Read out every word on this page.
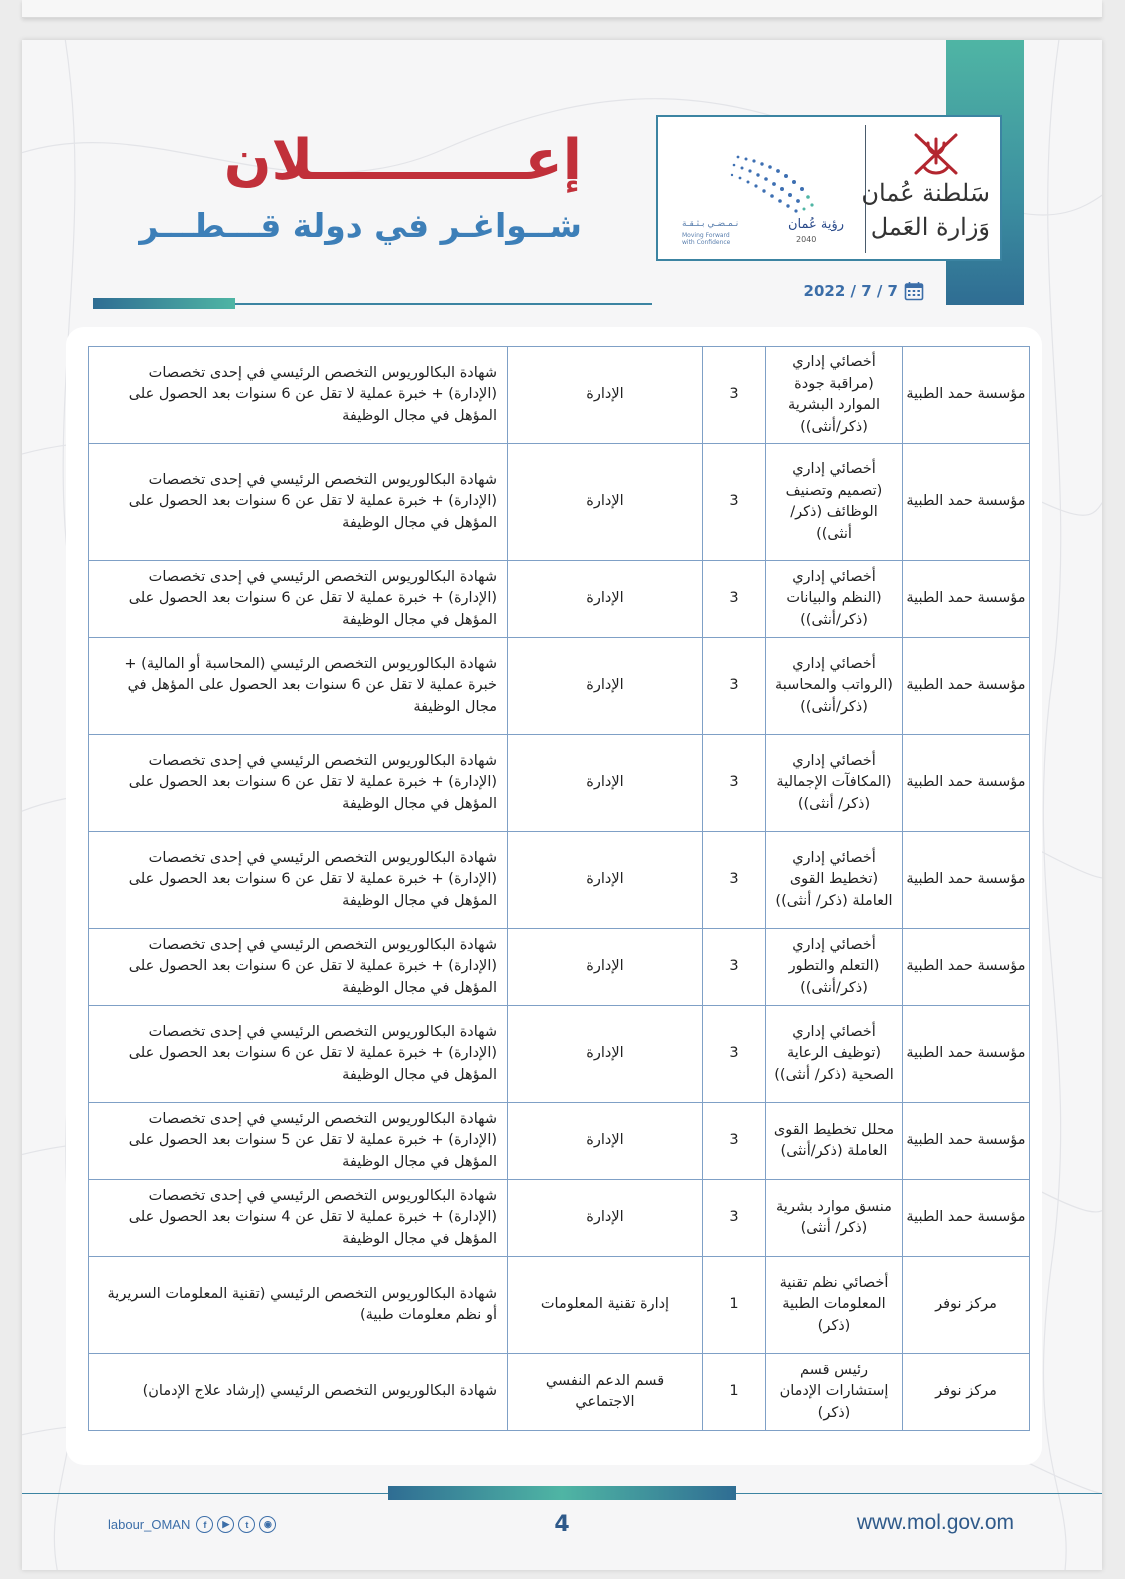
سَلطنة عُمان
وَزارة العَمل
رؤية عُمان
2040
نـمـضـي بـثـقـة
Moving Forward
with Confidence
إعـــــــــــلان
شــواغـر في دولة قـــطـــر
2022 / 7 / 7
مؤسسة حمد الطبية	أخصائي إداري (مراقبة جودة الموارد البشرية (ذكر/أنثى))	3	الإدارة	شهادة البكالوريوس التخصص الرئيسي في إحدى تخصصات (الإدارة) + خبرة عملية لا تقل عن 6 سنوات بعد الحصول على المؤهل في مجال الوظيفة
مؤسسة حمد الطبية	أخصائي إداري (تصميم وتصنيف الوظائف (ذكر/ أنثى))	3	الإدارة	شهادة البكالوريوس التخصص الرئيسي في إحدى تخصصات (الإدارة) + خبرة عملية لا تقل عن 6 سنوات بعد الحصول على المؤهل في مجال الوظيفة
مؤسسة حمد الطبية	أخصائي إداري (النظم والبيانات (ذكر/أنثى))	3	الإدارة	شهادة البكالوريوس التخصص الرئيسي في إحدى تخصصات (الإدارة) + خبرة عملية لا تقل عن 6 سنوات بعد الحصول على المؤهل في مجال الوظيفة
مؤسسة حمد الطبية	أخصائي إداري (الرواتب والمحاسبة (ذكر/أنثى))	3	الإدارة	شهادة البكالوريوس التخصص الرئيسي (المحاسبة أو المالية) + خبرة عملية لا تقل عن 6 سنوات بعد الحصول على المؤهل في مجال الوظيفة
مؤسسة حمد الطبية	أخصائي إداري (المكافآت الإجمالية (ذكر/ أنثى))	3	الإدارة	شهادة البكالوريوس التخصص الرئيسي في إحدى تخصصات (الإدارة) + خبرة عملية لا تقل عن 6 سنوات بعد الحصول على المؤهل في مجال الوظيفة
مؤسسة حمد الطبية	أخصائي إداري (تخطيط القوى العاملة (ذكر/ أنثى))	3	الإدارة	شهادة البكالوريوس التخصص الرئيسي في إحدى تخصصات (الإدارة) + خبرة عملية لا تقل عن 6 سنوات بعد الحصول على المؤهل في مجال الوظيفة
مؤسسة حمد الطبية	أخصائي إداري (التعلم والتطور (ذكر/أنثى))	3	الإدارة	شهادة البكالوريوس التخصص الرئيسي في إحدى تخصصات (الإدارة) + خبرة عملية لا تقل عن 6 سنوات بعد الحصول على المؤهل في مجال الوظيفة
مؤسسة حمد الطبية	أخصائي إداري (توظيف الرعاية الصحية (ذكر/ أنثى))	3	الإدارة	شهادة البكالوريوس التخصص الرئيسي في إحدى تخصصات (الإدارة) + خبرة عملية لا تقل عن 6 سنوات بعد الحصول على المؤهل في مجال الوظيفة
مؤسسة حمد الطبية	محلل تخطيط القوى العاملة (ذكر/أنثى)	3	الإدارة	شهادة البكالوريوس التخصص الرئيسي في إحدى تخصصات (الإدارة) + خبرة عملية لا تقل عن 5 سنوات بعد الحصول على المؤهل في مجال الوظيفة
مؤسسة حمد الطبية	منسق موارد بشرية (ذكر/ أنثى)	3	الإدارة	شهادة البكالوريوس التخصص الرئيسي في إحدى تخصصات (الإدارة) + خبرة عملية لا تقل عن 4 سنوات بعد الحصول على المؤهل في مجال الوظيفة
مركز نوفر	أخصائي نظم تقنية المعلومات الطبية (ذكر)	1	إدارة تقنية المعلومات	شهادة البكالوريوس التخصص الرئيسي (تقنية المعلومات السريرية أو نظم معلومات طبية)
مركز نوفر	رئيس قسم إستشارات الإدمان (ذكر)	1	قسم الدعم النفسي الاجتماعي	شهادة البكالوريوس التخصص الرئيسي (إرشاد علاج الإدمان)
4	www.mol.gov.om
labour_OMAN	f	▶	t	◉
